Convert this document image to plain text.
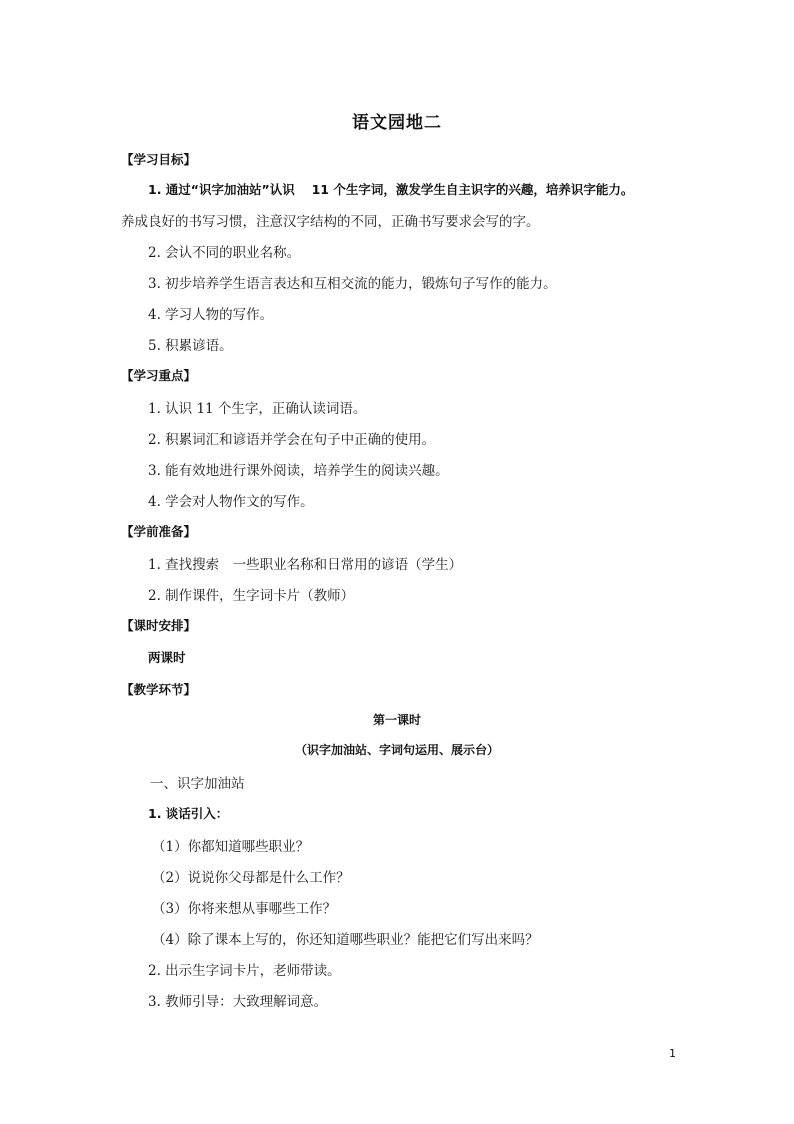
语文园地二
【学习目标】
1. 通过“识字加油站”认识　 11 个生字词，激发学生自主识字的兴趣，培养识字能力。
养成良好的书写习惯，注意汉字结构的不同，正确书写要求会写的字。
2. 会认不同的职业名称。
3. 初步培养学生语言表达和互相交流的能力，锻炼句子写作的能力。
4. 学习人物的写作。
5. 积累谚语。
【学习重点】
1. 认识 11 个生字，正确认读词语。
2. 积累词汇和谚语并学会在句子中正确的使用。
3. 能有效地进行课外阅读，培养学生的阅读兴趣。
4. 学会对人物作文的写作。
【学前准备】
1. 查找搜索　一些职业名称和日常用的谚语（学生）
2. 制作课件，生字词卡片（教师）
【课时安排】
两课时
【教学环节】
第一课时
（识字加油站、字词句运用、展示台）
一、识字加油站
1. 谈话引入：
（1）你都知道哪些职业？
（2）说说你父母都是什么工作？
（3）你将来想从事哪些工作？
（4）除了课本上写的，你还知道哪些职业？能把它们写出来吗？
2. 出示生字词卡片，老师带读。
3. 教师引导：大致理解词意。
1
